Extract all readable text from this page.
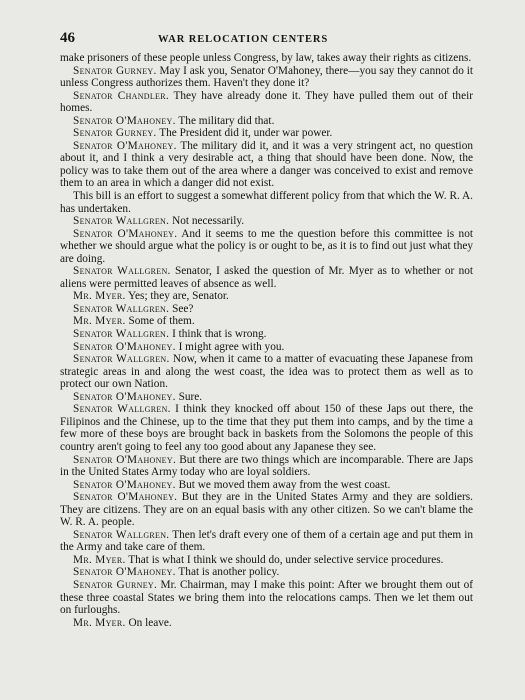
46	WAR RELOCATION CENTERS

make prisoners of these people unless Congress, by law, takes away their rights as citizens.

Senator Gurney. May I ask you, Senator O'Mahoney, there—you say they cannot do it unless Congress authorizes them. Haven't they done it?

Senator Chandler. They have already done it. They have pulled them out of their homes.

Senator O'Mahoney. The military did that.

Senator Gurney. The President did it, under war power.

Senator O'Mahoney. The military did it, and it was a very stringent act, no question about it, and I think a very desirable act, a thing that should have been done. Now, the policy was to take them out of the area where a danger was conceived to exist and remove them to an area in which a danger did not exist.

This bill is an effort to suggest a somewhat different policy from that which the W. R. A. has undertaken.

Senator Wallgren. Not necessarily.

Senator O'Mahoney. And it seems to me the question before this committee is not whether we should argue what the policy is or ought to be, as it is to find out just what they are doing.

Senator Wallgren. Senator, I asked the question of Mr. Myer as to whether or not aliens were permitted leaves of absence as well.

Mr. Myer. Yes; they are, Senator.

Senator Wallgren. See?

Mr. Myer. Some of them.

Senator Wallgren. I think that is wrong.

Senator O'Mahoney. I might agree with you.

Senator Wallgren. Now, when it came to a matter of evacuating these Japanese from strategic areas in and along the west coast, the idea was to protect them as well as to protect our own Nation.

Senator O'Mahoney. Sure.

Senator Wallgren. I think they knocked off about 150 of these Japs out there, the Filipinos and the Chinese, up to the time that they put them into camps, and by the time a few more of these boys are brought back in baskets from the Solomons the people of this country aren't going to feel any too good about any Japanese they see.

Senator O'Mahoney. But there are two things which are incomparable. There are Japs in the United States Army today who are loyal soldiers.

Senator O'Mahoney. But we moved them away from the west coast.

Senator O'Mahoney. But they are in the United States Army and they are soldiers. They are citizens. They are on an equal basis with any other citizen. So we can't blame the W. R. A. people.

Senator Wallgren. Then let's draft every one of them of a certain age and put them in the Army and take care of them.

Mr. Myer. That is what I think we should do, under selective service procedures.

Senator O'Mahoney. That is another policy.

Senator Gurney. Mr. Chairman, may I make this point: After we brought them out of these three coastal States we bring them into the relocations camps. Then we let them out on furloughs.

Mr. Myer. On leave.
